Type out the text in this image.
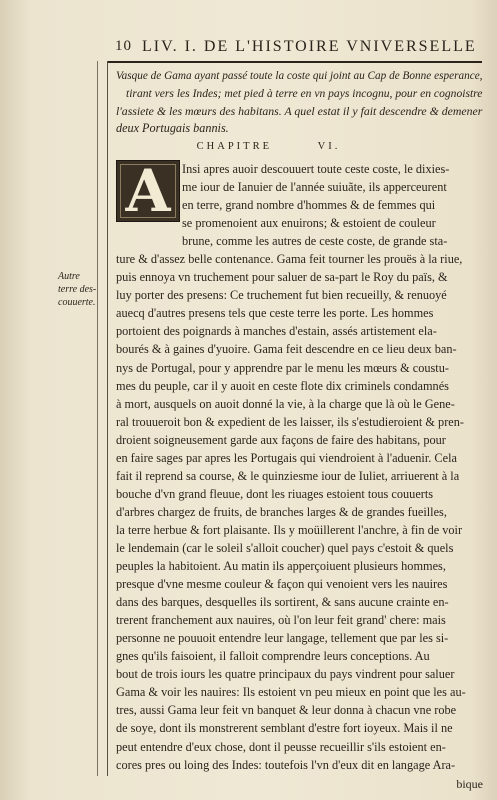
10 LIV. I. DE L'HISTOIRE VNIVERSELLE
Vasque de Gama ayant passé toute la coste qui joint au Cap de Bonne esperance,
tirant vers les Indes; met pied à terre en vn pays incognu, pour en cognoistre
l'assiete & les mœurs des habitans. A quel estat il y fait descendre & demener
deux Portugais bannis.
CHAPITRE	VI.
A
Autre
terre des-
couuerte.
Insi apres auoir descouuert toute ceste coste, le dixies-
me iour de Ianuier de l'année suiuãte, ils apperceurent
en terre, grand nombre d'hommes & de femmes qui
se promenoient aux enuirons; & estoient de couleur
brune, comme les autres de ceste coste, de grande sta-
ture & d'assez belle contenance. Gama feit tourner les prouës à la riue,
puis ennoya vn truchement pour saluer de sa-part le Roy du païs, &
luy porter des presens: Ce truchement fut bien recueilly, & renuoyé
auecq d'autres presens tels que ceste terre les porte. Les hommes
portoient des poignards à manches d'estain, assés artistement ela-
bourés & à gaines d'yuoire. Gama feit descendre en ce lieu deux ban-
nys de Portugal, pour y apprendre par le menu les mœurs & coustu-
mes du peuple, car il y auoit en ceste flote dix criminels condamnés
à mort, ausquels on auoit donné la vie, à la charge que là où le Gene-
ral trouueroit bon & expedient de les laisser, ils s'estudieroient & pren-
droient soigneusement garde aux façons de faire des habitans, pour
en faire sages par apres les Portugais qui viendroient à l'aduenir. Cela
fait il reprend sa course, & le quinziesme iour de Iuliet, arriuerent à la
bouche d'vn grand fleuue, dont les riuages estoient tous couuerts
d'arbres chargez de fruits, de branches larges & de grandes fueilles,
la terre herbue & fort plaisante. Ils y moüillerent l'anchre, à fin de voir
le lendemain (car le soleil s'alloit coucher) quel pays c'estoit & quels
peuples la habitoient. Au matin ils apperçoiuent plusieurs hommes,
presque d'vne mesme couleur & façon qui venoient vers les nauires
dans des barques, desquelles ils sortirent, & sans aucune crainte en-
trerent franchement aux nauires, où l'on leur feit grand' chere: mais
personne ne pouuoit entendre leur langage, tellement que par les si-
gnes qu'ils faisoient, il falloit comprendre leurs conceptions. Au
bout de trois iours les quatre principaux du pays vindrent pour saluer
Gama & voir les nauires: Ils estoient vn peu mieux en point que les au-
tres, aussi Gama leur feit vn banquet & leur donna à chacun vne robe
de soye, dont ils monstrerent semblant d'estre fort ioyeux. Mais il ne
peut entendre d'eux chose, dont il peusse recueillir s'ils estoient en-
cores pres ou loing des Indes: toutefois l'vn d'eux dit en langage Ara-
bique
